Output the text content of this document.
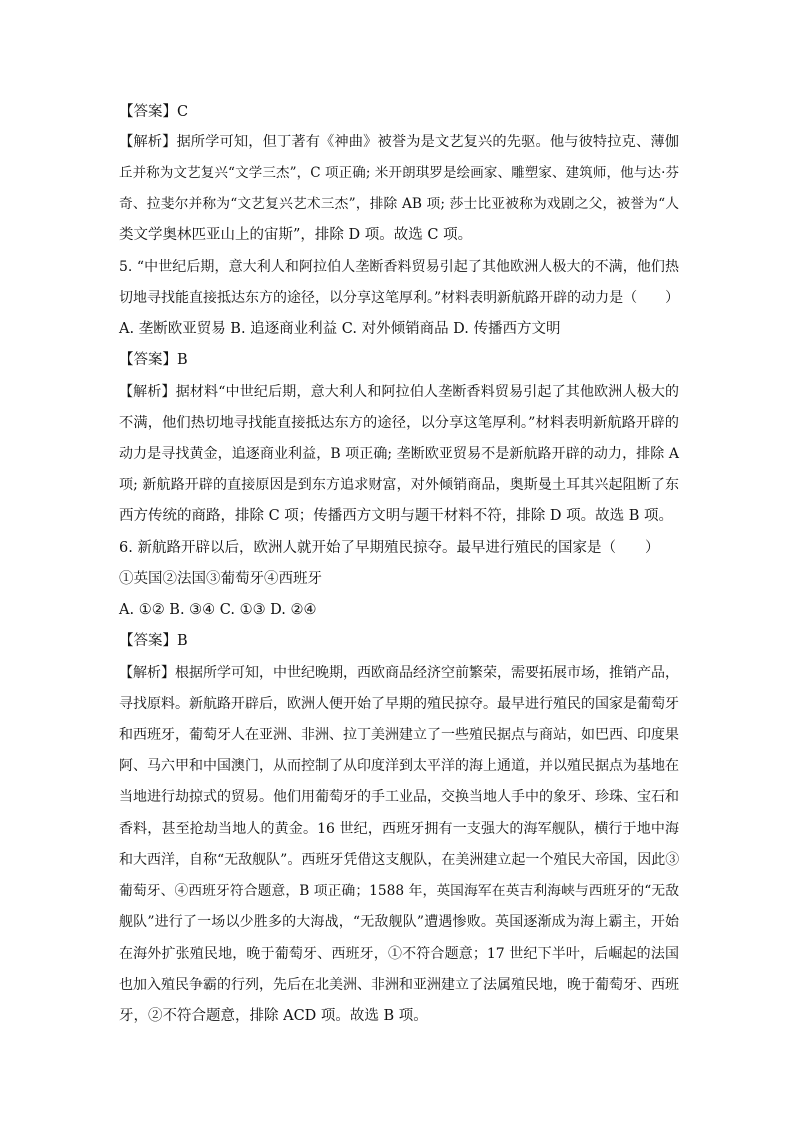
【答案】C
【解析】据所学可知，但丁著有《神曲》被誉为是文艺复兴的先驱。他与彼特拉克、薄伽
丘并称为文艺复兴“文学三杰”，C 项正确; 米开朗琪罗是绘画家、雕塑家、建筑师，他与达·芬
奇、拉斐尔并称为“文艺复兴艺术三杰”，排除 AB 项; 莎士比亚被称为戏剧之父，被誉为“人
类文学奥林匹亚山上的宙斯”，排除 D 项。故选 C 项。
5. “中世纪后期，意大利人和阿拉伯人垄断香料贸易引起了其他欧洲人极大的不满，他们热
切地寻找能直接抵达东方的途径，以分享这笔厚利。”材料表明新航路开辟的动力是（　　）
A. 垄断欧亚贸易 B. 追逐商业利益 C. 对外倾销商品 D. 传播西方文明
【答案】B
【解析】据材料“中世纪后期，意大利人和阿拉伯人垄断香料贸易引起了其他欧洲人极大的
不满，他们热切地寻找能直接抵达东方的途径，以分享这笔厚利。”材料表明新航路开辟的
动力是寻找黄金，追逐商业利益，B 项正确; 垄断欧亚贸易不是新航路开辟的动力，排除 A
项; 新航路开辟的直接原因是到东方追求财富，对外倾销商品，奥斯曼土耳其兴起阻断了东
西方传统的商路，排除 C 项；传播西方文明与题干材料不符，排除 D 项。故选 B 项。
6. 新航路开辟以后，欧洲人就开始了早期殖民掠夺。最早进行殖民的国家是（　　）
①英国②法国③葡萄牙④西班牙
A. ①② B. ③④ C. ①③ D. ②④
【答案】B
【解析】根据所学可知，中世纪晚期，西欧商品经济空前繁荣，需要拓展市场，推销产品，
寻找原料。新航路开辟后，欧洲人便开始了早期的殖民掠夺。最早进行殖民的国家是葡萄牙
和西班牙，葡萄牙人在亚洲、非洲、拉丁美洲建立了一些殖民据点与商站，如巴西、印度果
阿、马六甲和中国澳门，从而控制了从印度洋到太平洋的海上通道，并以殖民据点为基地在
当地进行劫掠式的贸易。他们用葡萄牙的手工业品，交换当地人手中的象牙、珍珠、宝石和
香料，甚至抢劫当地人的黄金。16 世纪，西班牙拥有一支强大的海军舰队，横行于地中海
和大西洋，自称“无敌舰队”。西班牙凭借这支舰队，在美洲建立起一个殖民大帝国，因此③
葡萄牙、④西班牙符合题意，B 项正确；1588 年，英国海军在英吉利海峡与西班牙的“无敌
舰队”进行了一场以少胜多的大海战，“无敌舰队”遭遇惨败。英国逐渐成为海上霸主，开始
在海外扩张殖民地，晚于葡萄牙、西班牙，①不符合题意；17 世纪下半叶，后崛起的法国
也加入殖民争霸的行列，先后在北美洲、非洲和亚洲建立了法属殖民地，晚于葡萄牙、西班
牙，②不符合题意，排除 ACD 项。故选 B 项。
